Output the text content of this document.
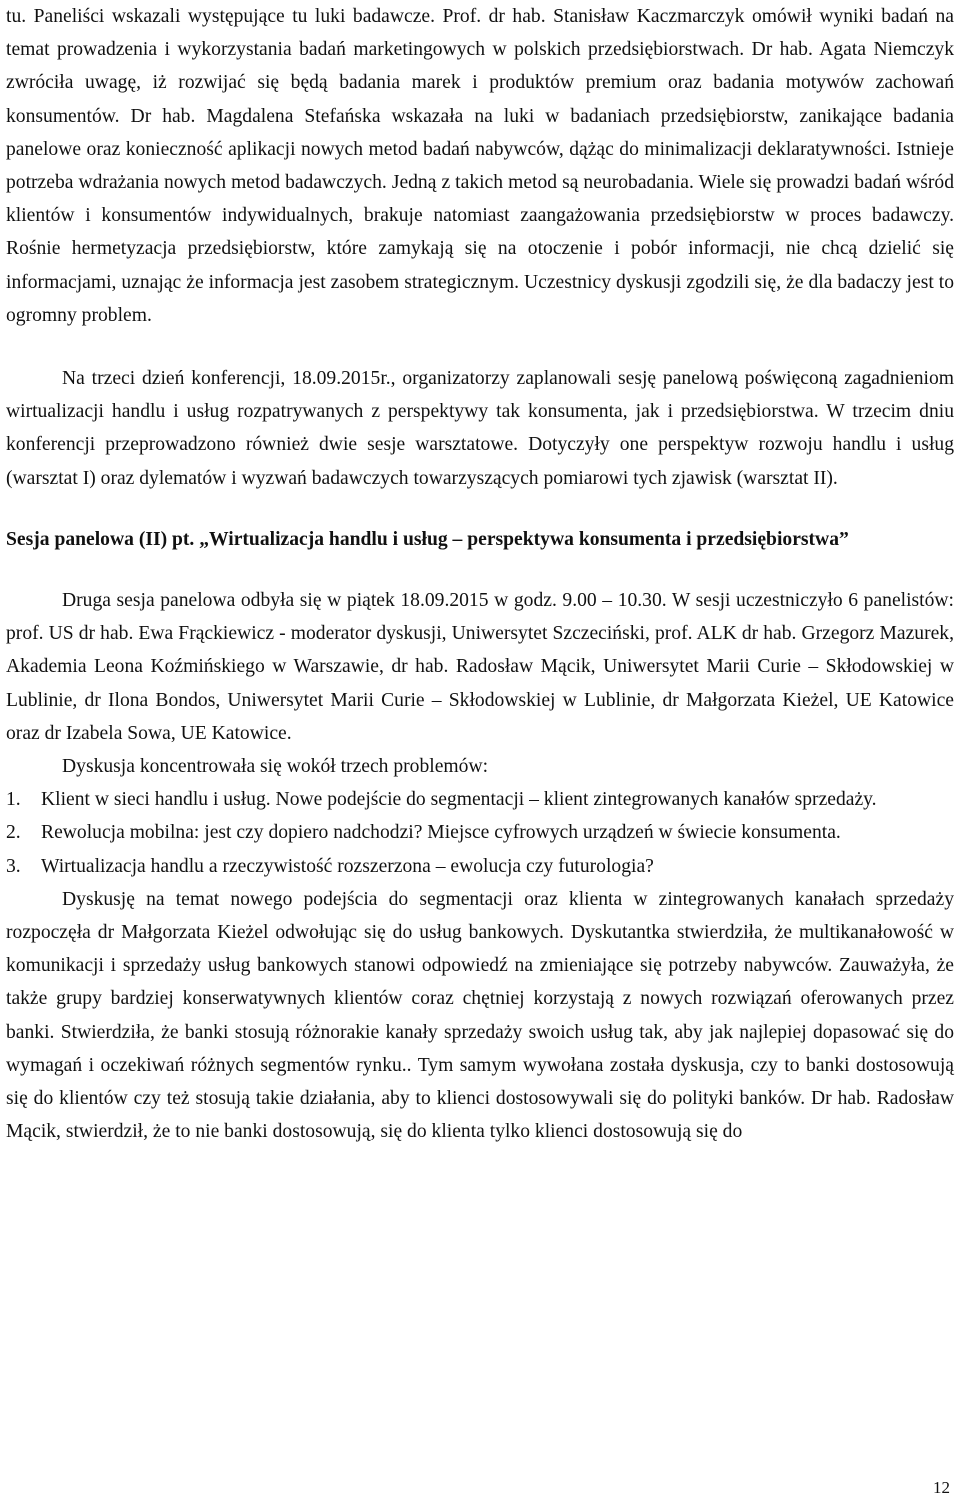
tu. Paneliści wskazali występujące tu luki badawcze. Prof. dr hab. Stanisław Kaczmarczyk omówił wyniki badań na temat prowadzenia i wykorzystania badań marketingowych w polskich przedsiębiorstwach. Dr hab. Agata Niemczyk zwróciła uwagę, iż rozwijać się będą badania marek i produktów premium oraz badania motywów zachowań konsumentów. Dr hab. Magdalena Stefańska wskazała na luki w badaniach przedsiębiorstw, zanikające badania panelowe oraz konieczność aplikacji nowych metod badań nabywców, dążąc do minimalizacji deklaratywności. Istnieje potrzeba wdrażania nowych metod badawczych. Jedną z takich metod są neurobadania. Wiele się prowadzi badań wśród klientów i konsumentów indywidualnych, brakuje natomiast zaangażowania przedsiębiorstw w proces badawczy. Rośnie hermetyzacja przedsiębiorstw, które zamykają się na otoczenie i pobór informacji, nie chcą dzielić się informacjami, uznając że informacja jest zasobem strategicznym. Uczestnicy dyskusji zgodzili się, że dla badaczy jest to ogromny problem.

Na trzeci dzień konferencji, 18.09.2015r., organizatorzy zaplanowali sesję panelową poświęconą zagadnieniom wirtualizacji handlu i usług rozpatrywanych z perspektywy tak konsumenta, jak i przedsiębiorstwa. W trzecim dniu konferencji przeprowadzono również dwie sesje warsztatowe. Dotyczyły one perspektyw rozwoju handlu i usług (warsztat I) oraz dylematów i wyzwań badawczych towarzyszących pomiarowi tych zjawisk (warsztat II).

Sesja panelowa (II) pt. „Wirtualizacja handlu i usług – perspektywa konsumenta i przedsiębiorstwa”

Druga sesja panelowa odbyła się w piątek 18.09.2015 w godz. 9.00 – 10.30. W sesji uczestniczyło 6 panelistów: prof. US dr hab. Ewa Frąckiewicz - moderator dyskusji, Uniwersytet Szczeciński, prof. ALK dr hab. Grzegorz Mazurek, Akademia Leona Koźmińskiego w Warszawie, dr hab. Radosław Mącik, Uniwersytet Marii Curie – Skłodowskiej w Lublinie, dr Ilona Bondos, Uniwersytet Marii Curie – Skłodowskiej w Lublinie, dr Małgorzata Kieżel, UE Katowice oraz dr Izabela Sowa, UE Katowice.

Dyskusja koncentrowała się wokół trzech problemów:

1. Klient w sieci handlu i usług. Nowe podejście do segmentacji – klient zintegrowanych kanałów sprzedaży.
2. Rewolucja mobilna: jest czy dopiero nadchodzi? Miejsce cyfrowych urządzeń w świecie konsumenta.
3. Wirtualizacja handlu a rzeczywistość rozszerzona – ewolucja czy futurologia?

Dyskusję na temat nowego podejścia do segmentacji oraz klienta w zintegrowanych kanałach sprzedaży rozpoczęła dr Małgorzata Kieżel odwołując się do usług bankowych. Dyskutantka stwierdziła, że multikanałowość w komunikacji i sprzedaży usług bankowych stanowi odpowiedź na zmieniające się potrzeby nabywców. Zauważyła, że także grupy bardziej konserwatywnych klientów coraz chętniej korzystają z nowych rozwiązań oferowanych przez banki. Stwierdziła, że banki stosują różnorakie kanały sprzedaży swoich usług tak, aby jak najlepiej dopasować się do wymagań i oczekiwań różnych segmentów rynku.. Tym samym wywołana została dyskusja, czy to banki dostosowują się do klientów czy też stosują takie działania, aby to klienci dostosowywali się do polityki banków. Dr hab. Radosław Mącik, stwierdził, że to nie banki dostosowują, się do klienta tylko klienci dostosowują się do

12
